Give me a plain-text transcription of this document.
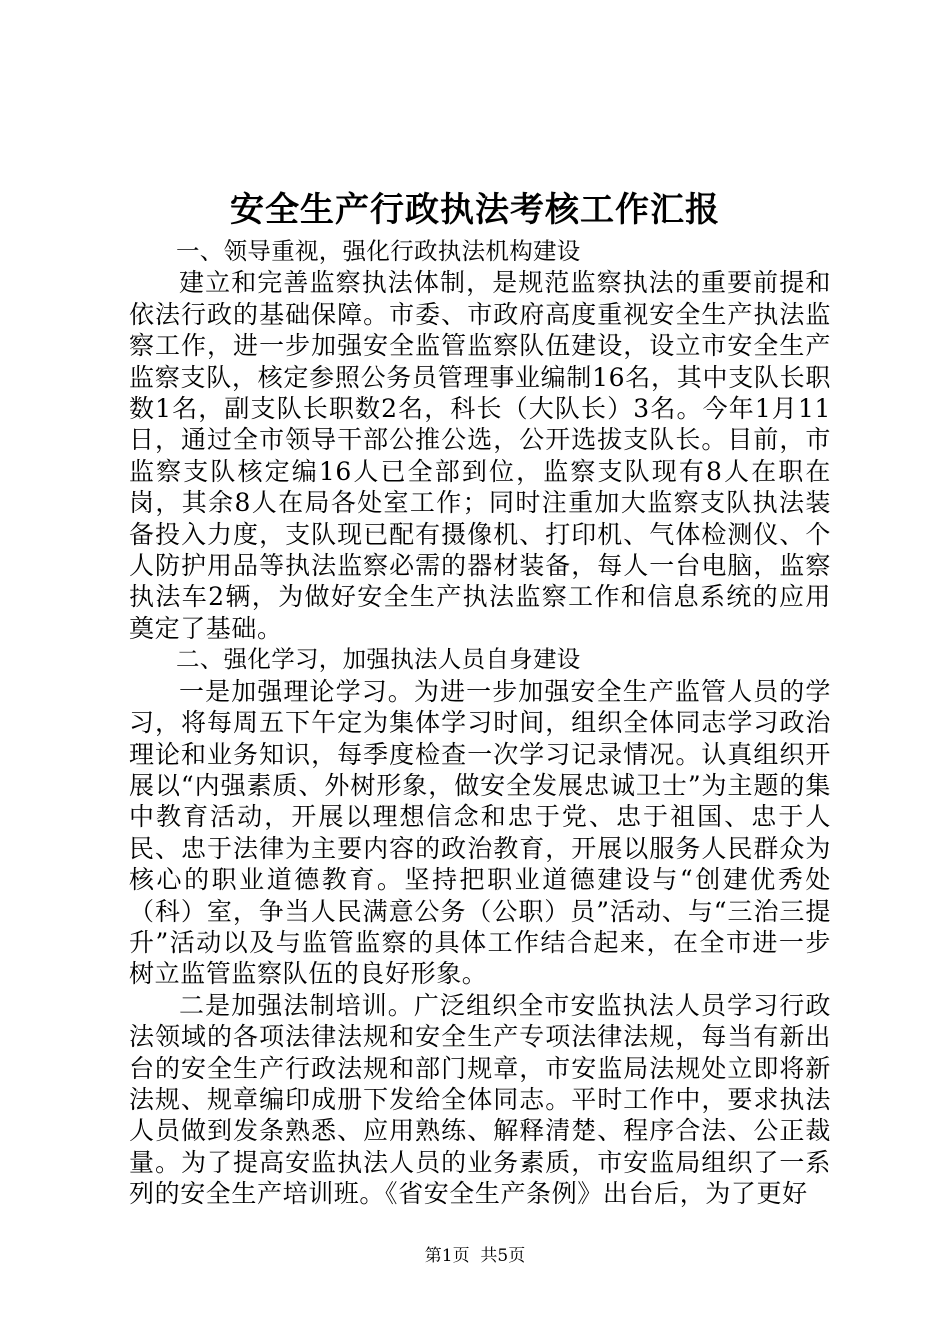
安全生产行政执法考核工作汇报

一、领导重视，强化行政执法机构建设

建立和完善监察执法体制，是规范监察执法的重要前提和依法行政的基础保障。市委、市政府高度重视安全生产执法监察工作，进一步加强安全监管监察队伍建设，设立市安全生产监察支队，核定参照公务员管理事业编制16名，其中支队长职数1名，副支队长职数2名，科长（大队长）3名。今年1月11日，通过全市领导干部公推公选，公开选拔支队长。目前，市监察支队核定编16人已全部到位，监察支队现有8人在职在岗，其余8人在局各处室工作；同时注重加大监察支队执法装备投入力度，支队现已配有摄像机、打印机、气体检测仪、个人防护用品等执法监察必需的器材装备，每人一台电脑，监察执法车2辆，为做好安全生产执法监察工作和信息系统的应用奠定了基础。

二、强化学习，加强执法人员自身建设

一是加强理论学习。为进一步加强安全生产监管人员的学习，将每周五下午定为集体学习时间，组织全体同志学习政治理论和业务知识，每季度检查一次学习记录情况。认真组织开展以“内强素质、外树形象，做安全发展忠诚卫士”为主题的集中教育活动，开展以理想信念和忠于党、忠于祖国、忠于人民、忠于法律为主要内容的政治教育，开展以服务人民群众为核心的职业道德教育。坚持把职业道德建设与“创建优秀处（科）室，争当人民满意公务（公职）员”活动、与“三治三提升”活动以及与监管监察的具体工作结合起来，在全市进一步树立监管监察队伍的良好形象。

二是加强法制培训。广泛组织全市安监执法人员学习行政法领域的各项法律法规和安全生产专项法律法规，每当有新出台的安全生产行政法规和部门规章，市安监局法规处立即将新法规、规章编印成册下发给全体同志。平时工作中，要求执法人员做到发条熟悉、应用熟练、解释清楚、程序合法、公正裁量。为了提高安监执法人员的业务素质，市安监局组织了一系列的安全生产培训班。《省安全生产条例》出台后，为了更好

第1页  共5页
